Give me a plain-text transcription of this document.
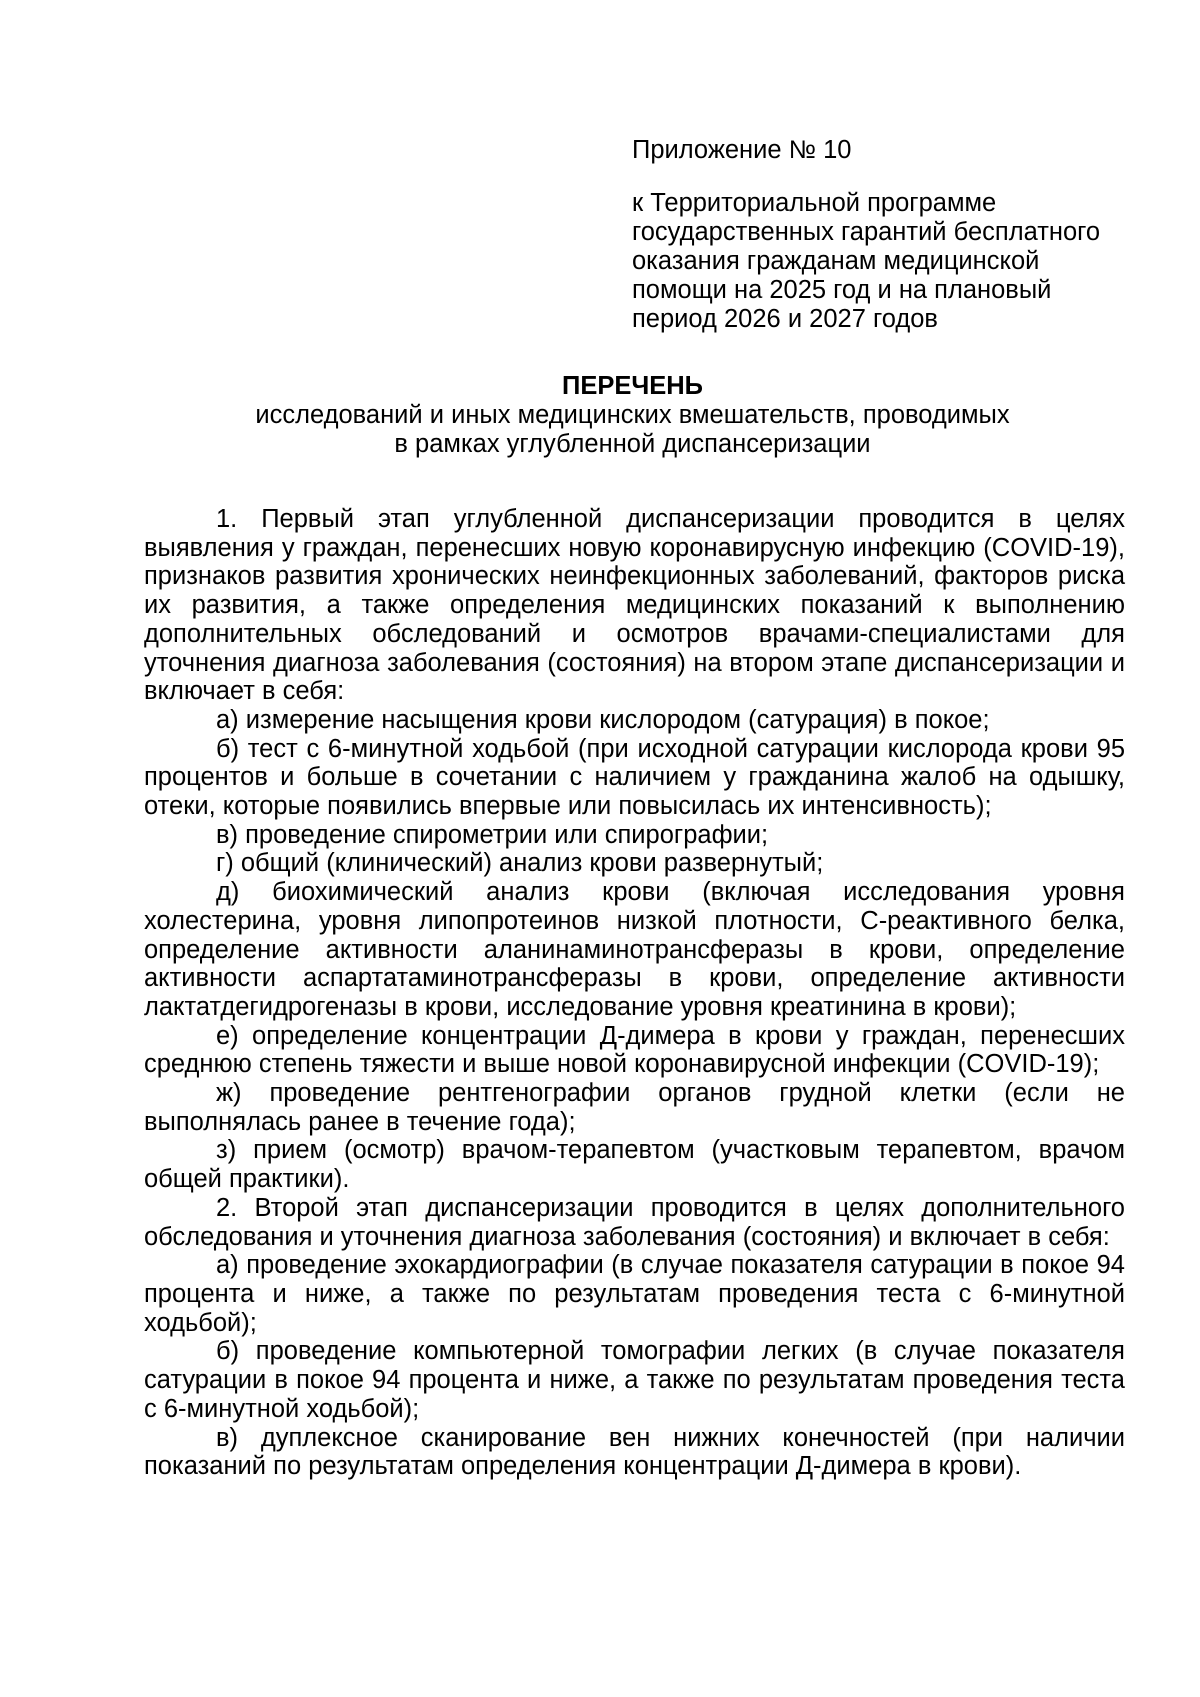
Приложение № 10

к Территориальной программе государственных гарантий бесплатного оказания гражданам медицинской помощи на 2025 год и на плановый период 2026 и 2027 годов

ПЕРЕЧЕНЬ

исследований и иных медицинских вмешательств, проводимых

в рамках углубленной диспансеризации

1. Первый этап углубленной диспансеризации проводится в целях выявления у граждан, перенесших новую коронавирусную инфекцию (COVID-19), признаков развития хронических неинфекционных заболеваний, факторов риска их развития, а также определения медицинских показаний к выполнению дополнительных обследований и осмотров врачами-специалистами для уточнения диагноза заболевания (состояния) на втором этапе диспансеризации и включает в себя:

а) измерение насыщения крови кислородом (сатурация) в покое;

б) тест с 6-минутной ходьбой (при исходной сатурации кислорода крови 95 процентов и больше в сочетании с наличием у гражданина жалоб на одышку, отеки, которые появились впервые или повысилась их интенсивность);

в) проведение спирометрии или спирографии;

г) общий (клинический) анализ крови развернутый;

д) биохимический анализ крови (включая исследования уровня холестерина, уровня липопротеинов низкой плотности, С-реактивного белка, определение активности аланинаминотрансферазы в крови, определение активности аспартатаминотрансферазы в крови, определение активности лактатдегидрогеназы в крови, исследование уровня креатинина в крови);

е) определение концентрации Д-димера в крови у граждан, перенесших среднюю степень тяжести и выше новой коронавирусной инфекции (COVID-19);

ж) проведение рентгенографии органов грудной клетки (если не выполнялась ранее в течение года);

з) прием (осмотр) врачом-терапевтом (участковым терапевтом, врачом общей практики).

2. Второй этап диспансеризации проводится в целях дополнительного обследования и уточнения диагноза заболевания (состояния) и включает в себя:

а) проведение эхокардиографии (в случае показателя сатурации в покое 94 процента и ниже, а также по результатам проведения теста с 6-минутной ходьбой);

б) проведение компьютерной томографии легких (в случае показателя сатурации в покое 94 процента и ниже, а также по результатам проведения теста с 6-минутной ходьбой);

в) дуплексное сканирование вен нижних конечностей (при наличии показаний по результатам определения концентрации Д-димера в крови).
